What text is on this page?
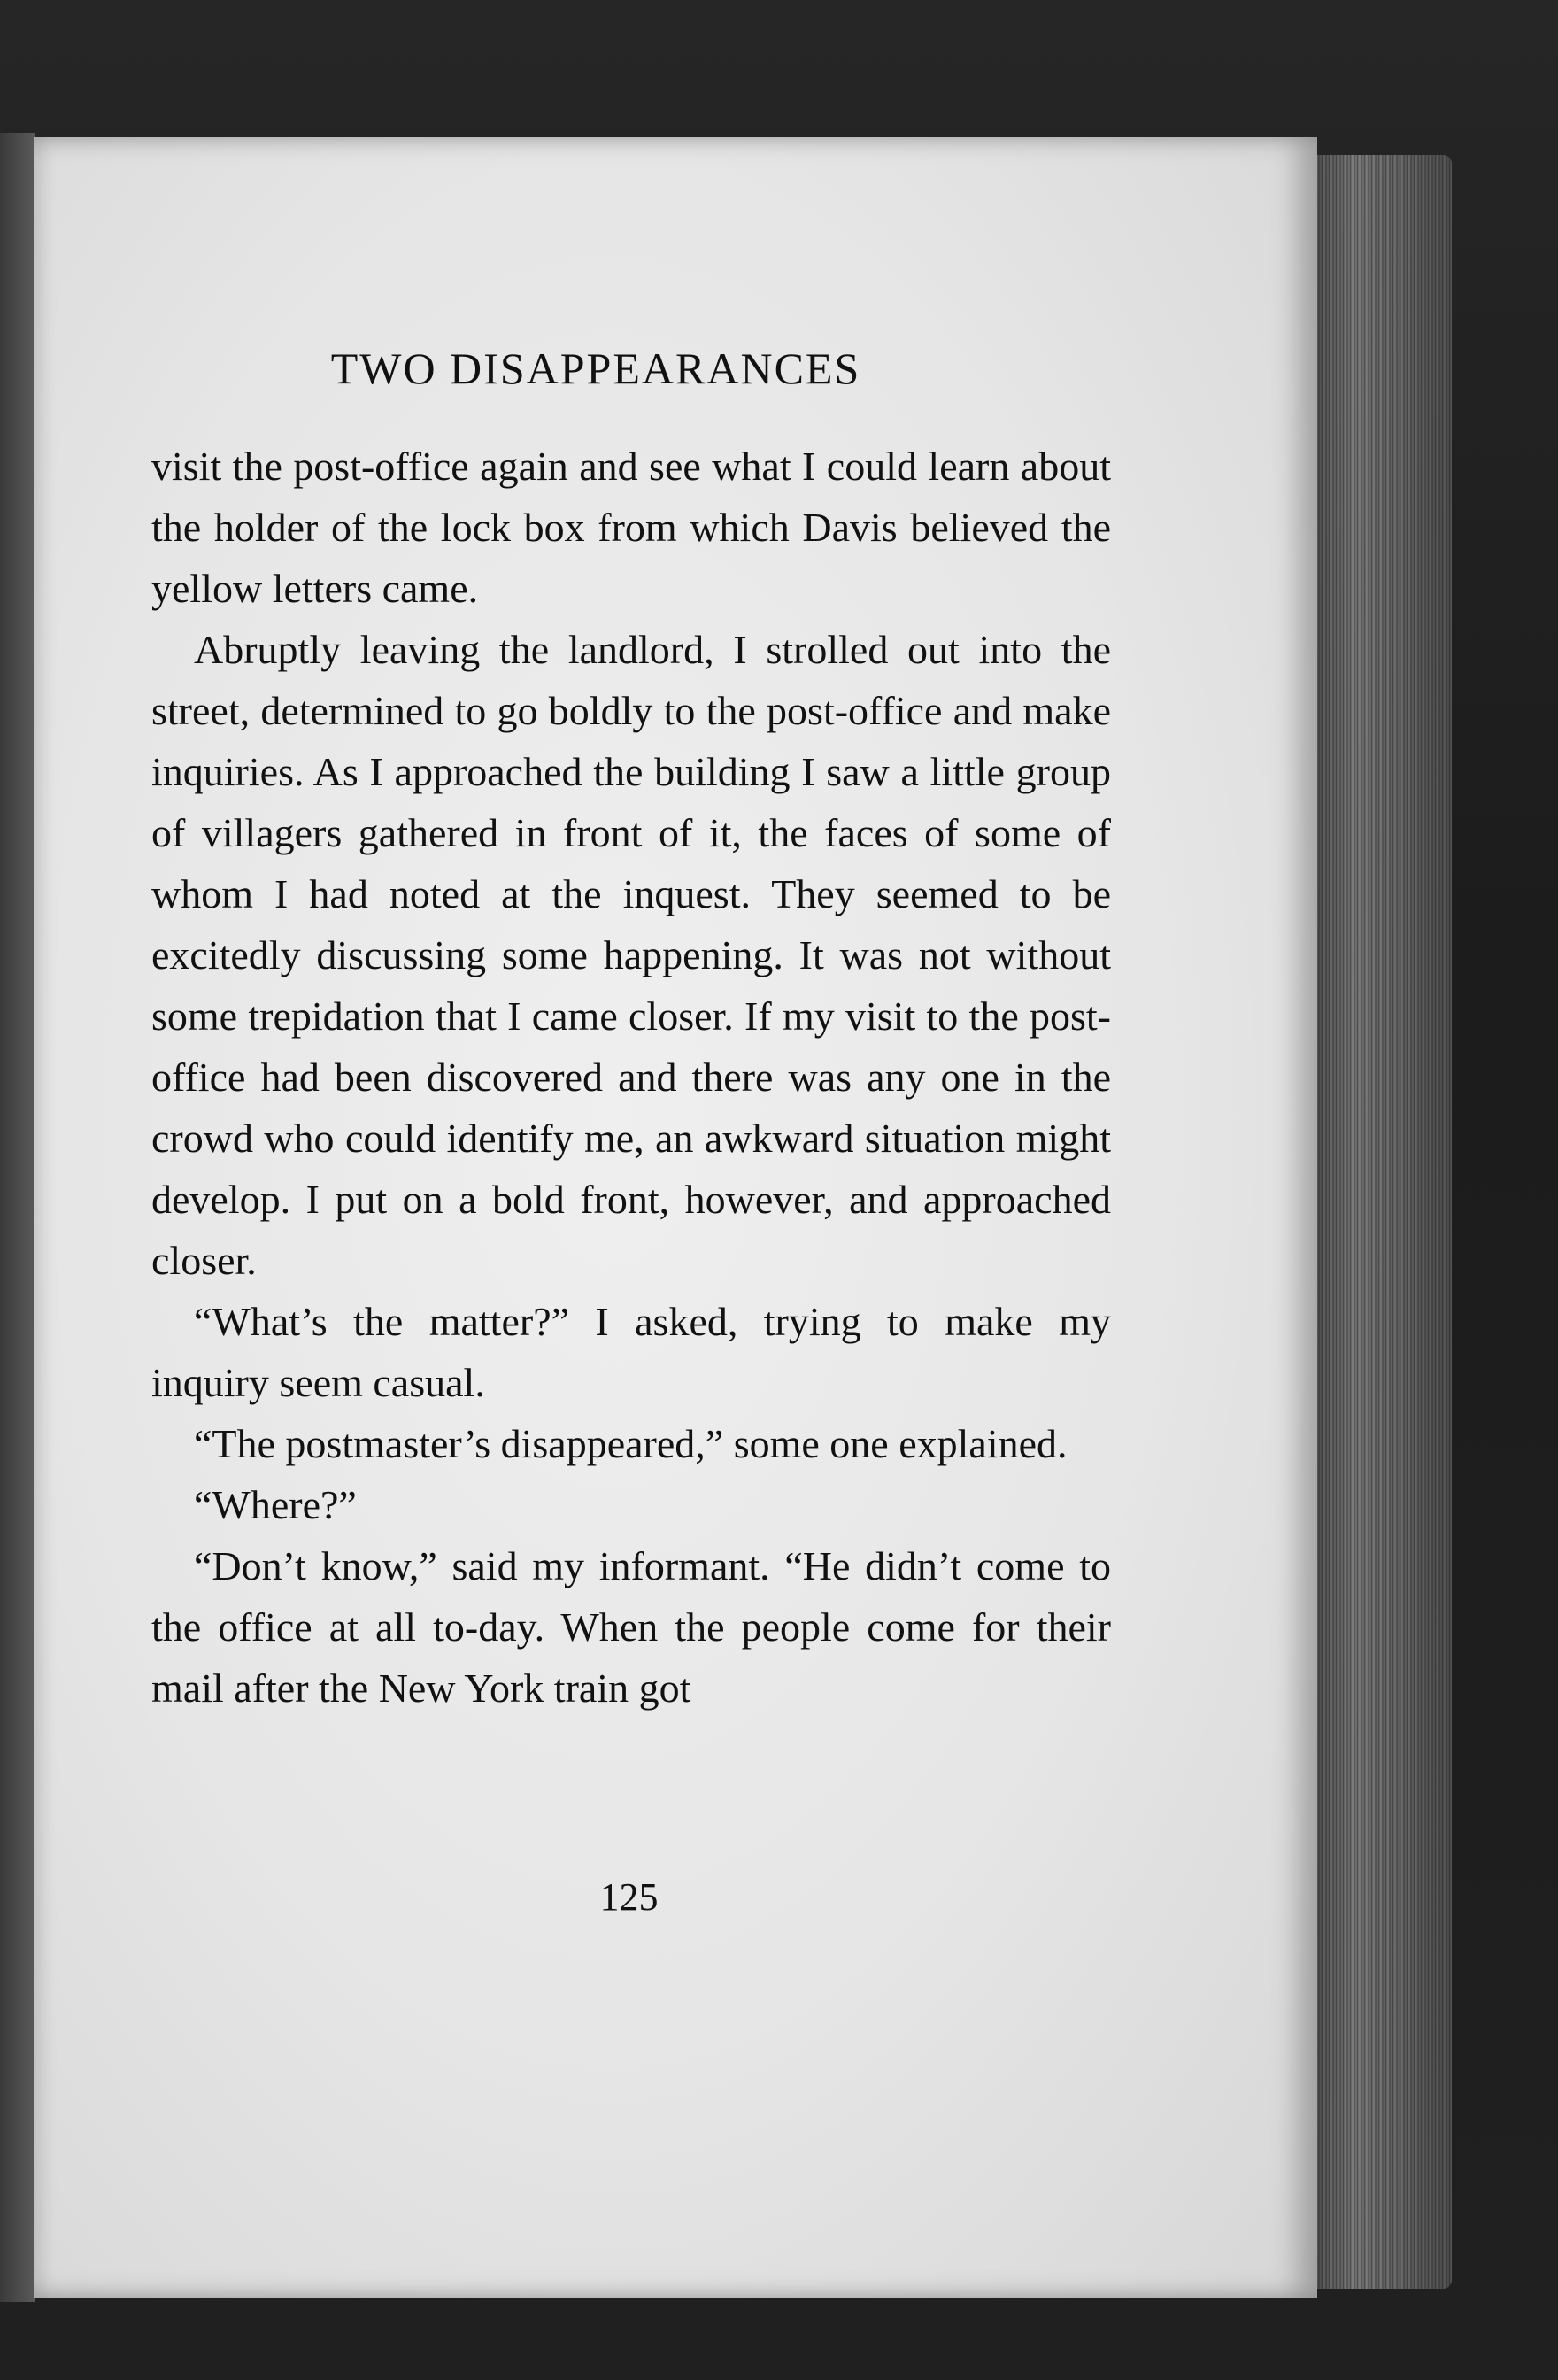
TWO DISAPPEARANCES

visit the post-office again and see what I could learn about the holder of the lock box from which Davis believed the yellow letters came.

Abruptly leaving the landlord, I strolled out into the street, determined to go boldly to the post-office and make inquiries. As I approached the building I saw a little group of villagers gathered in front of it, the faces of some of whom I had noted at the inquest. They seemed to be excitedly discussing some happening. It was not without some trepidation that I came closer. If my visit to the post-office had been discovered and there was any one in the crowd who could identify me, an awkward situation might develop. I put on a bold front, however, and approached closer.

“What’s the matter?” I asked, trying to make my inquiry seem casual.

“The postmaster’s disappeared,” some one explained.

“Where?”

“Don’t know,” said my informant. “He didn’t come to the office at all to-day. When the people come for their mail after the New York train got

125
